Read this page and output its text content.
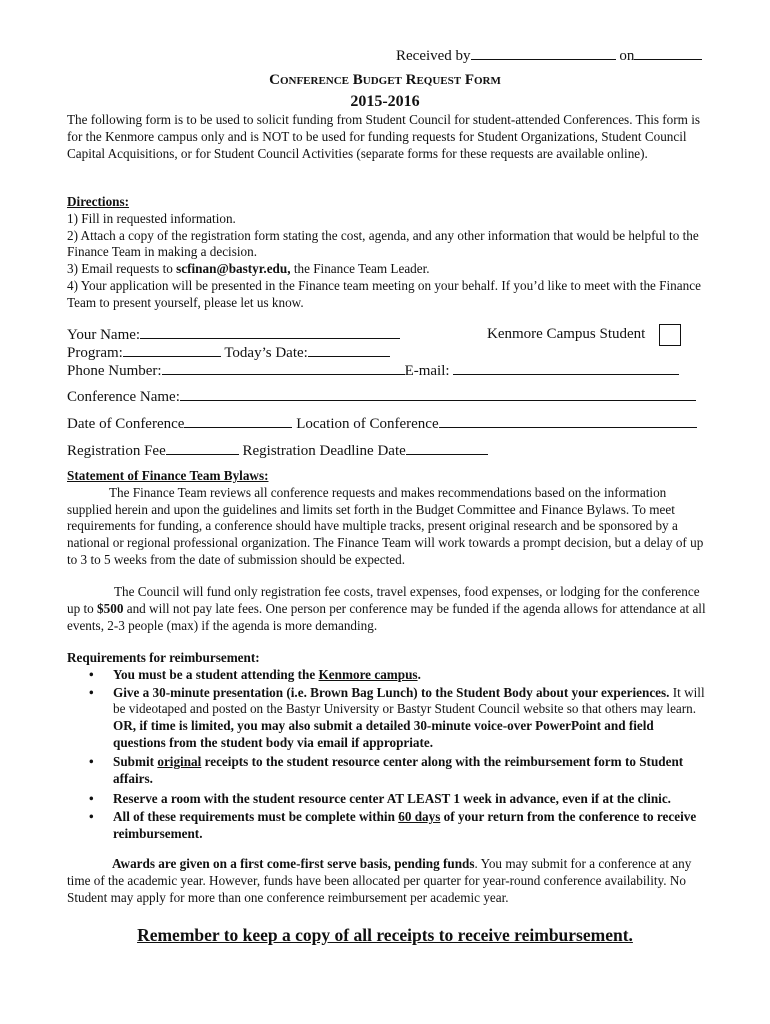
Received by	on
Conference Budget Request Form
2015-2016
The following form is to be used to solicit funding from Student Council for student-attended Conferences. This form is for the Kenmore campus only and is NOT to be used for funding requests for Student Organizations, Student Council Capital Acquisitions, or for Student Council Activities (separate forms for these requests are available online).
Directions:
1) Fill in requested information.
2) Attach a copy of the registration form stating the cost, agenda, and any other information that would be helpful to the Finance Team in making a decision.
3) Email requests to scfinan@bastyr.edu, the Finance Team Leader.
4) Your application will be presented in the Finance team meeting on your behalf. If you’d like to meet with the Finance Team to present yourself, please let us know.
Your Name:	Kenmore Campus Student
Program:	Today’s Date:
Phone Number:	E-mail:
Conference Name:
Date of Conference	Location of Conference
Registration Fee	Registration Deadline Date
Statement of Finance Team Bylaws:
The Finance Team reviews all conference requests and makes recommendations based on the information supplied herein and upon the guidelines and limits set forth in the Budget Committee and Finance Bylaws. To meet requirements for funding, a conference should have multiple tracks, present original research and be sponsored by a national or regional professional organization. The Finance Team will work towards a prompt decision, but a delay of up to 3 to 5 weeks from the date of submission should be expected.
The Council will fund only registration fee costs, travel expenses, food expenses, or lodging for the conference up to $500 and will not pay late fees. One person per conference may be funded if the agenda allows for attendance at all events, 2-3 people (max) if the agenda is more demanding.
Requirements for reimbursement:
• You must be a student attending the Kenmore campus.
• Give a 30-minute presentation (i.e. Brown Bag Lunch) to the Student Body about your experiences. It will be videotaped and posted on the Bastyr University or Bastyr Student Council website so that others may learn. OR, if time is limited, you may also submit a detailed 30-minute voice-over PowerPoint and field questions from the student body via email if appropriate.
• Submit original receipts to the student resource center along with the reimbursement form to Student affairs.
• Reserve a room with the student resource center AT LEAST 1 week in advance, even if at the clinic.
• All of these requirements must be complete within 60 days of your return from the conference to receive reimbursement.
Awards are given on a first come-first serve basis, pending funds. You may submit for a conference at any time of the academic year. However, funds have been allocated per quarter for year-round conference availability. No Student may apply for more than one conference reimbursement per academic year.
Remember to keep a copy of all receipts to receive reimbursement.
